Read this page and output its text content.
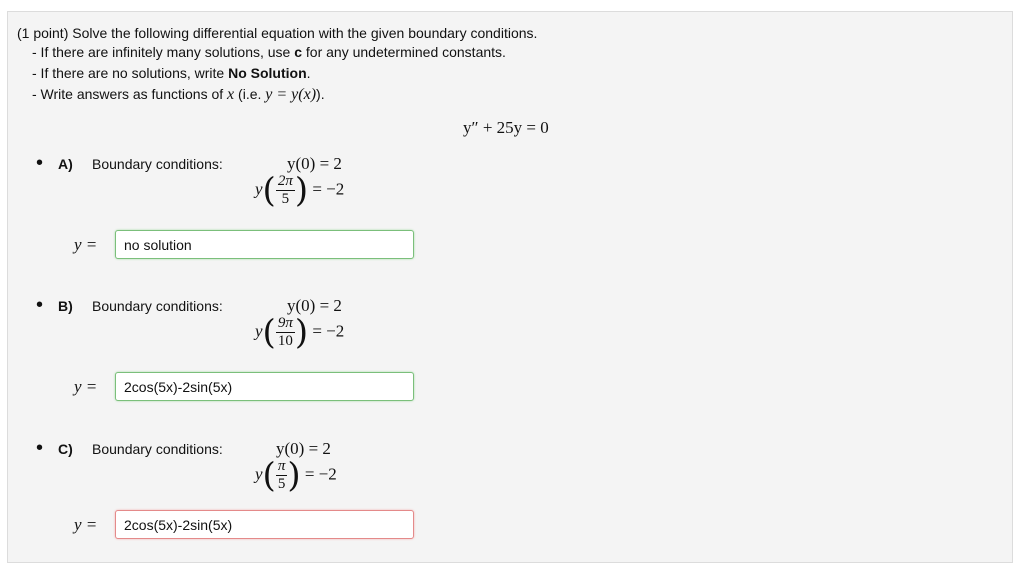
(1 point) Solve the following differential equation with the given boundary conditions.
- If there are infinitely many solutions, use c for any undetermined constants.
- If there are no solutions, write No Solution.
- Write answers as functions of x (i.e. y = y(x)).
y″ + 25y = 0
• A) Boundary conditions:	y(0) = 2
$y( \frac{2\pi}{5}$ ) = −2
y =
no solution
• B) Boundary conditions:	y(0) = 2
$y( \frac{9\pi}{10}$ ) = −2
y =
2cos(5x)-2sin(5x)
• C) Boundary conditions:	y(0) = 2
$y( \frac{\pi}{5}$ ) = −2
y =
2cos(5x)-2sin(5x)
